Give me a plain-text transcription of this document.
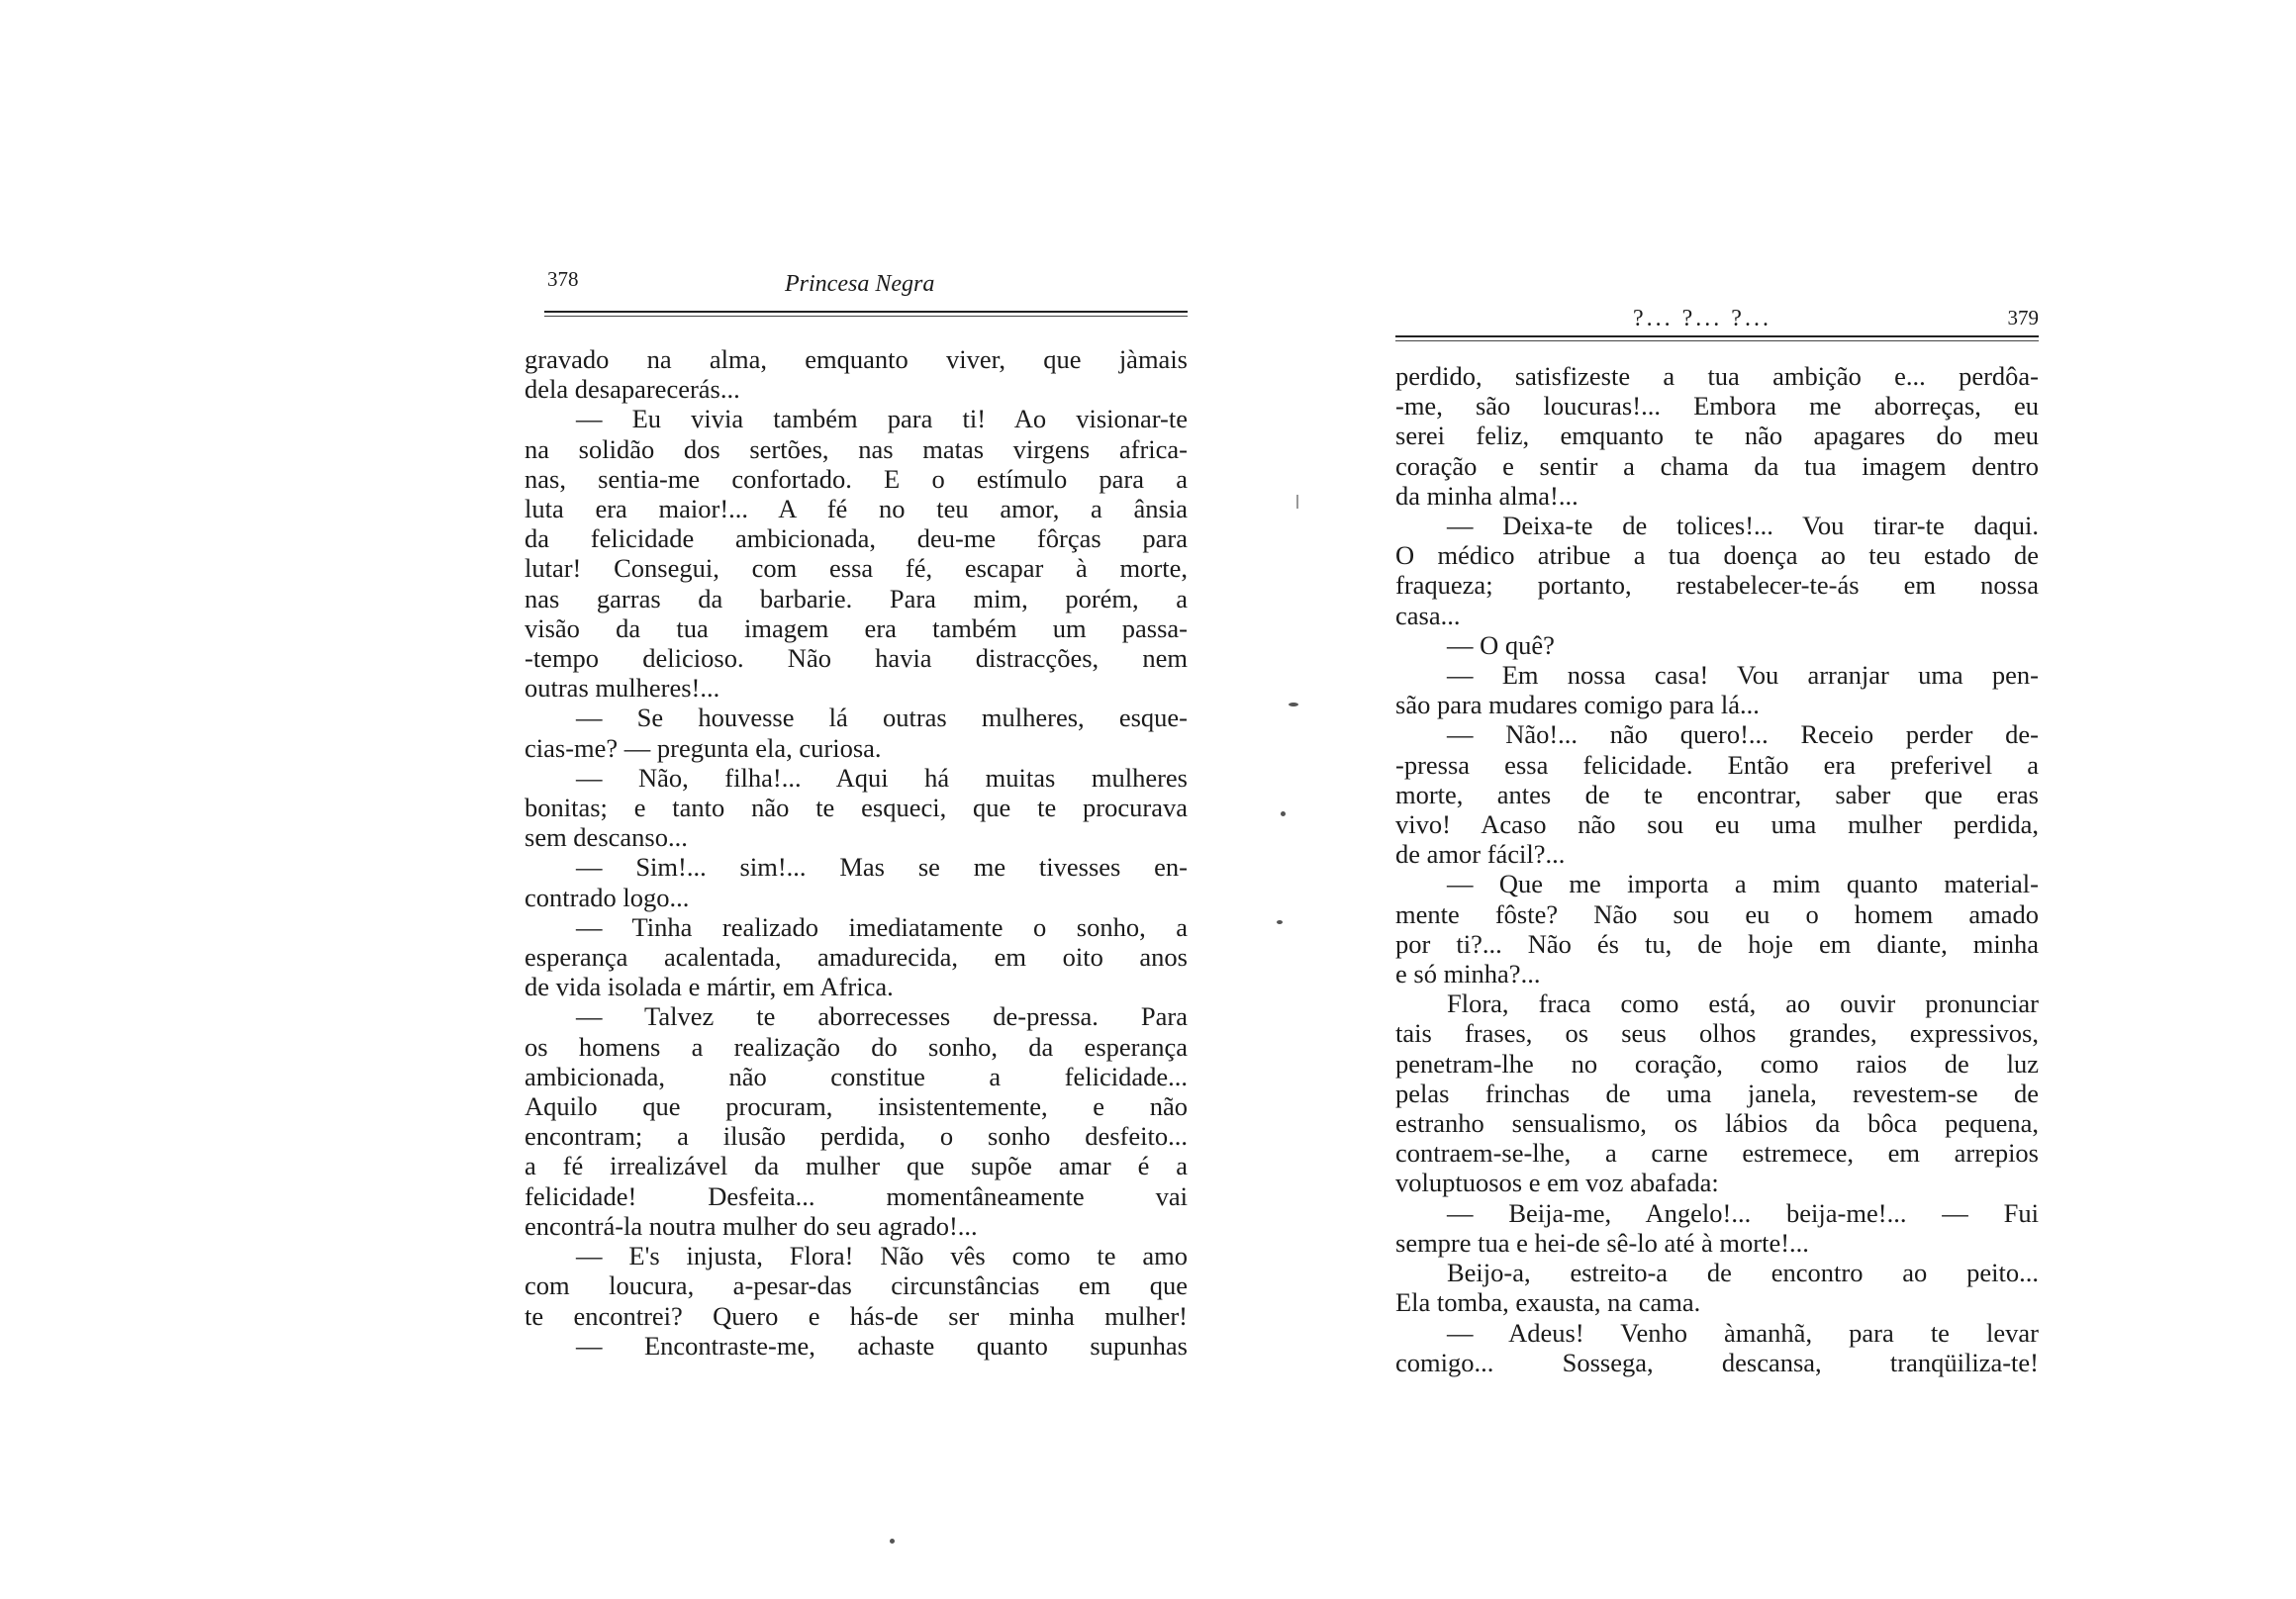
378	Princesa Negra
gravado na alma, emquanto viver, que jàmais
dela desaparecerás...
— Eu vivia também para ti! Ao visionar-te
na solidão dos sertões, nas matas virgens africa-
nas, sentia-me confortado. E o estímulo para a
luta era maior!... A fé no teu amor, a ânsia
da felicidade ambicionada, deu-me fôrças para
lutar! Consegui, com essa fé, escapar à morte,
nas garras da barbarie. Para mim, porém, a
visão da tua imagem era também um passa-
-tempo delicioso. Não havia distracções, nem
outras mulheres!...
— Se houvesse lá outras mulheres, esque-
cias-me? — pregunta ela, curiosa.
— Não, filha!... Aqui há muitas mulheres
bonitas; e tanto não te esqueci, que te procurava
sem descanso...
— Sim!... sim!... Mas se me tivesses en-
contrado logo...
— Tinha realizado imediatamente o sonho, a
esperança acalentada, amadurecida, em oito anos
de vida isolada e mártir, em Africa.
— Talvez te aborrecesses de-pressa. Para
os homens a realização do sonho, da esperança
ambicionada, não constitue a felicidade...
Aquilo que procuram, insistentemente, e não
encontram; a ilusão perdida, o sonho desfeito...
a fé irrealizável da mulher que supõe amar é a
felicidade! Desfeita... momentâneamente vai
encontrá-la noutra mulher do seu agrado!...
— E's injusta, Flora! Não vês como te amo
com loucura, a-pesar-das circunstâncias em que
te encontrei? Quero e hás-de ser minha mulher!
— Encontraste-me, achaste quanto supunhas
?... ?... ?...	379
perdido, satisfizeste a tua ambição e... perdôa-
-me, são loucuras!... Embora me aborreças, eu
serei feliz, emquanto te não apagares do meu
coração e sentir a chama da tua imagem dentro
da minha alma!...
— Deixa-te de tolices!... Vou tirar-te daqui.
O médico atribue a tua doença ao teu estado de
fraqueza; portanto, restabelecer-te-ás em nossa
casa...
— O quê?
— Em nossa casa! Vou arranjar uma pen-
são para mudares comigo para lá...
— Não!... não quero!... Receio perder de-
-pressa essa felicidade. Então era preferivel a
morte, antes de te encontrar, saber que eras
vivo! Acaso não sou eu uma mulher perdida,
de amor fácil?...
— Que me importa a mim quanto material-
mente fôste? Não sou eu o homem amado
por ti?... Não és tu, de hoje em diante, minha
e só minha?...
Flora, fraca como está, ao ouvir pronunciar
tais frases, os seus olhos grandes, expressivos,
penetram-lhe no coração, como raios de luz
pelas frinchas de uma janela, revestem-se de
estranho sensualismo, os lábios da bôca pequena,
contraem-se-lhe, a carne estremece, em arrepios
voluptuosos e em voz abafada:
— Beija-me, Angelo!... beija-me!... — Fui
sempre tua e hei-de sê-lo até à morte!...
Beijo-a, estreito-a de encontro ao peito...
Ela tomba, exausta, na cama.
— Adeus! Venho àmanhã, para te levar
comigo... Sossega, descansa, tranqüiliza-te!
